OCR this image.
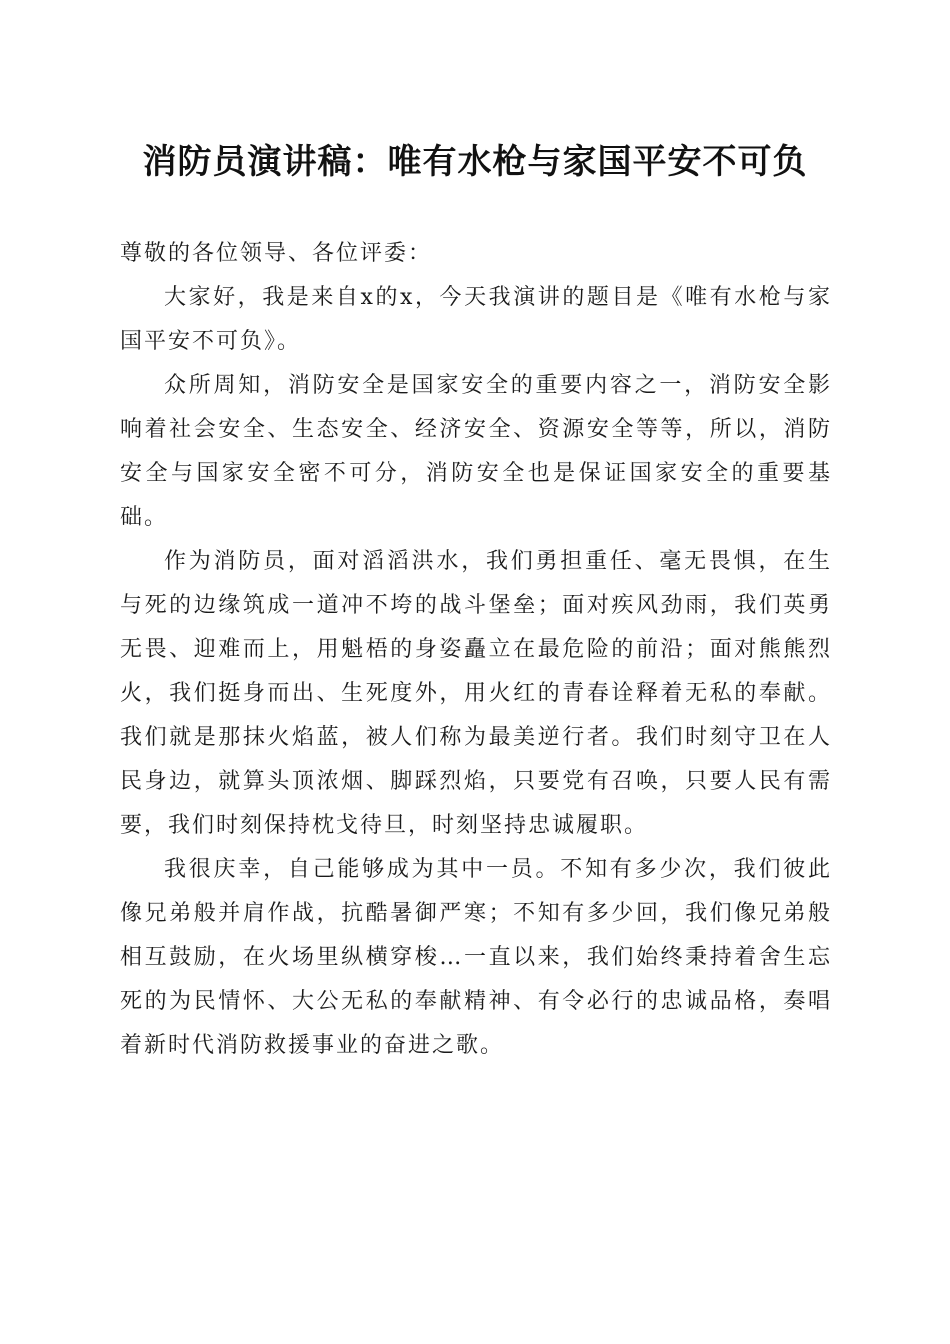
消防员演讲稿：唯有水枪与家国平安不可负

尊敬的各位领导、各位评委：

大家好，我是来自x的x，今天我演讲的题目是《唯有水枪与家国平安不可负》。

众所周知，消防安全是国家安全的重要内容之一，消防安全影响着社会安全、生态安全、经济安全、资源安全等等，所以，消防安全与国家安全密不可分，消防安全也是保证国家安全的重要基础。

作为消防员，面对滔滔洪水，我们勇担重任、毫无畏惧，在生与死的边缘筑成一道冲不垮的战斗堡垒；面对疾风劲雨，我们英勇无畏、迎难而上，用魁梧的身姿矗立在最危险的前沿；面对熊熊烈火，我们挺身而出、生死度外，用火红的青春诠释着无私的奉献。我们就是那抹火焰蓝，被人们称为最美逆行者。我们时刻守卫在人民身边，就算头顶浓烟、脚踩烈焰，只要党有召唤，只要人民有需要，我们时刻保持枕戈待旦，时刻坚持忠诚履职。

我很庆幸，自己能够成为其中一员。不知有多少次，我们彼此像兄弟般并肩作战，抗酷暑御严寒；不知有多少回，我们像兄弟般相互鼓励，在火场里纵横穿梭…一直以来，我们始终秉持着舍生忘死的为民情怀、大公无私的奉献精神、有令必行的忠诚品格，奏唱着新时代消防救援事业的奋进之歌。
